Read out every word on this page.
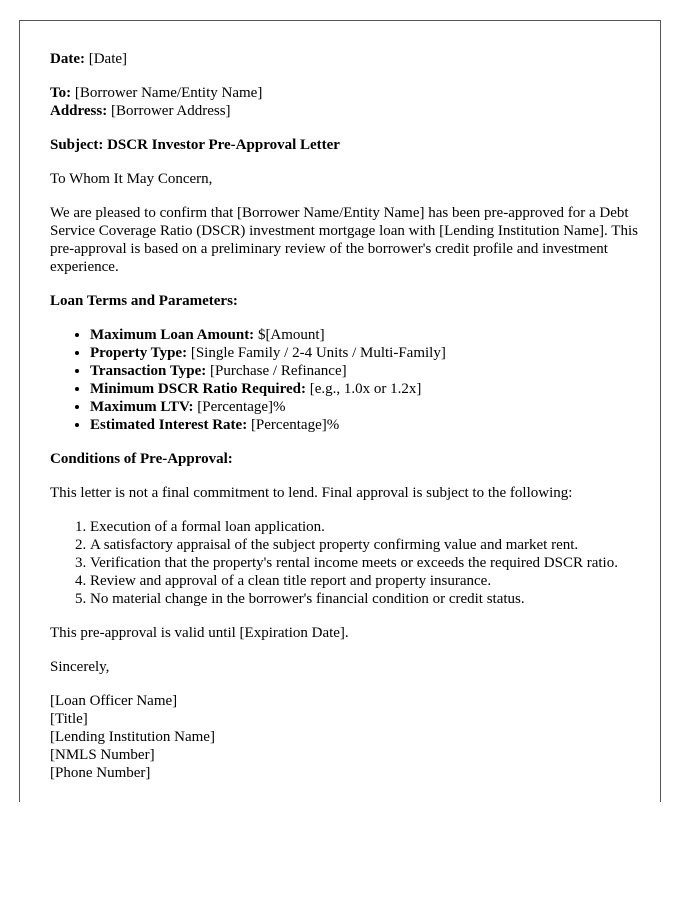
Date: [Date]

To: [Borrower Name/Entity Name]
Address: [Borrower Address]

Subject: DSCR Investor Pre-Approval Letter

To Whom It May Concern,

We are pleased to confirm that [Borrower Name/Entity Name] has been pre-approved for a Debt Service Coverage Ratio (DSCR) investment mortgage loan with [Lending Institution Name]. This pre-approval is based on a preliminary review of the borrower's credit profile and investment experience.

Loan Terms and Parameters:

• Maximum Loan Amount: $[Amount]
• Property Type: [Single Family / 2-4 Units / Multi-Family]
• Transaction Type: [Purchase / Refinance]
• Minimum DSCR Ratio Required: [e.g., 1.0x or 1.2x]
• Maximum LTV: [Percentage]%
• Estimated Interest Rate: [Percentage]%

Conditions of Pre-Approval:

This letter is not a final commitment to lend. Final approval is subject to the following:

1. Execution of a formal loan application.
2. A satisfactory appraisal of the subject property confirming value and market rent.
3. Verification that the property's rental income meets or exceeds the required DSCR ratio.
4. Review and approval of a clean title report and property insurance.
5. No material change in the borrower's financial condition or credit status.

This pre-approval is valid until [Expiration Date].

Sincerely,

[Loan Officer Name]
[Title]
[Lending Institution Name]
[NMLS Number]
[Phone Number]
